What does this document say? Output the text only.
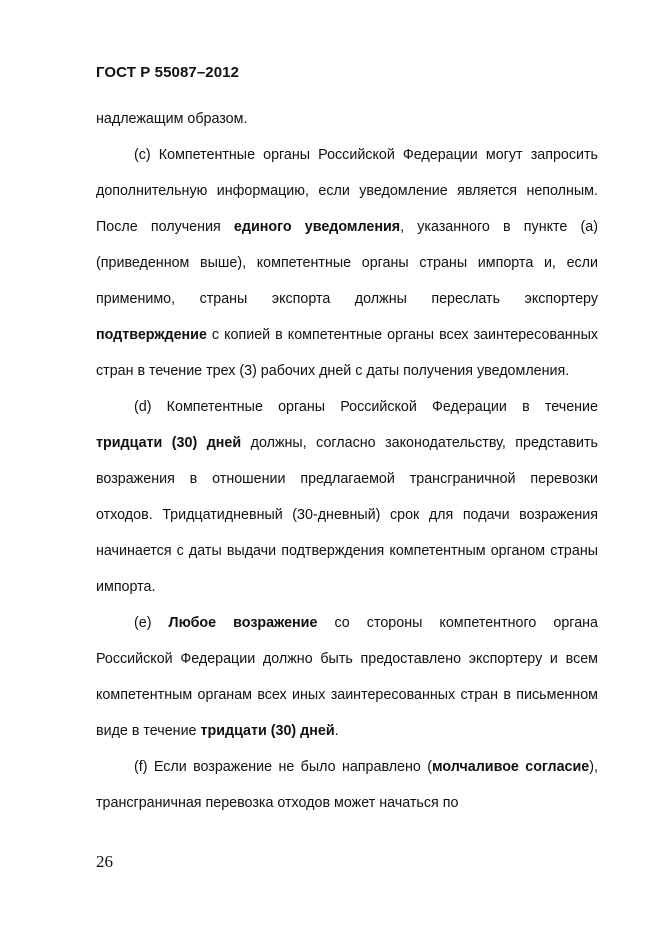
ГОСТ Р 55087–2012

надлежащим образом.

(c) Компетентные органы Российской Федерации могут запросить дополнительную информацию, если уведомление является неполным. После получения единого уведомления, указанного в пункте (a) (приведенном выше), компетентные органы страны импорта и, если применимо, страны экспорта должны переслать экспортеру подтверждение с копией в компетентные органы всех заинтересованных стран в течение трех (3) рабочих дней с даты получения уведомления.

(d) Компетентные органы Российской Федерации в течение тридцати (30) дней должны, согласно законодательству, представить возражения в отношении предлагаемой трансграничной перевозки отходов. Тридцатидневный (30-дневный) срок для подачи возражения начинается с даты выдачи подтверждения компетентным органом страны импорта.

(e) Любое возражение со стороны компетентного органа Российской Федерации должно быть предоставлено экспортеру и всем компетентным органам всех иных заинтересованных стран в письменном виде в течение тридцати (30) дней.

(f) Если возражение не было направлено (молчаливое согласие), трансграничная перевозка отходов может начаться по

26
